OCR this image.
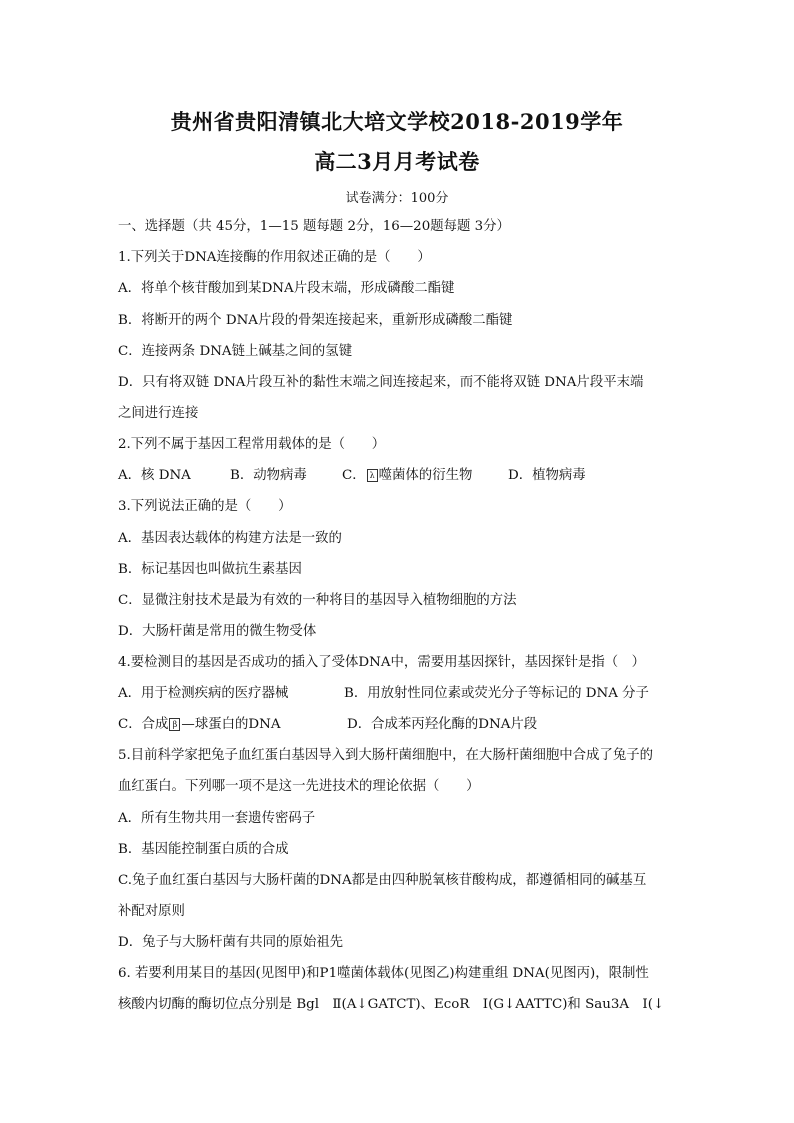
贵州省贵阳清镇北大培文学校2018-2019学年
高二3月月考试卷
试卷满分：100分
一、选择题（共 45分，1—15 题每题 2分，16—20题每题 3分）
1.下列关于DNA连接酶的作用叙述正确的是（　　）
A．将单个核苷酸加到某DNA片段末端，形成磷酸二酯键
B．将断开的两个 DNA片段的骨架连接起来，重新形成磷酸二酯键
C．连接两条 DNA链上碱基之间的氢键
D．只有将双链 DNA片段互补的黏性末端之间连接起来，而不能将双链 DNA片段平末端
之间进行连接
2.下列不属于基因工程常用载体的是（　　）
A．核 DNA	B．动物病毒	C． λ 噬菌体的衍生物	D．植物病毒
3.下列说法正确的是（　　）
A．基因表达载体的构建方法是一致的
B．标记基因也叫做抗生素基因
C．显微注射技术是最为有效的一种将目的基因导入植物细胞的方法
D．大肠杆菌是常用的微生物受体
4.要检测目的基因是否成功的插入了受体DNA中，需要用基因探针，基因探针是指（　）
A．用于检测疾病的医疗器械	B．用放射性同位素或荧光分子等标记的 DNA 分子
C．合成 β —球蛋白的DNA	D．合成苯丙羟化酶的DNA片段
5.目前科学家把兔子血红蛋白基因导入到大肠杆菌细胞中，在大肠杆菌细胞中合成了兔子的
血红蛋白。下列哪一项不是这一先进技术的理论依据（　　）
A．所有生物共用一套遗传密码子
B．基因能控制蛋白质的合成
C.兔子血红蛋白基因与大肠杆菌的DNA都是由四种脱氧核苷酸构成，都遵循相同的碱基互
补配对原则
D．兔子与大肠杆菌有共同的原始祖先
6. 若要利用某目的基因(见图甲)和P1噬菌体载体(见图乙)构建重组 DNA(见图丙)，限制性
核酸内切酶的酶切位点分别是 Bgl　Ⅱ(A↓GATCT)、EcoR　Ⅰ(G↓AATTC)和 Sau3A　Ⅰ(↓
